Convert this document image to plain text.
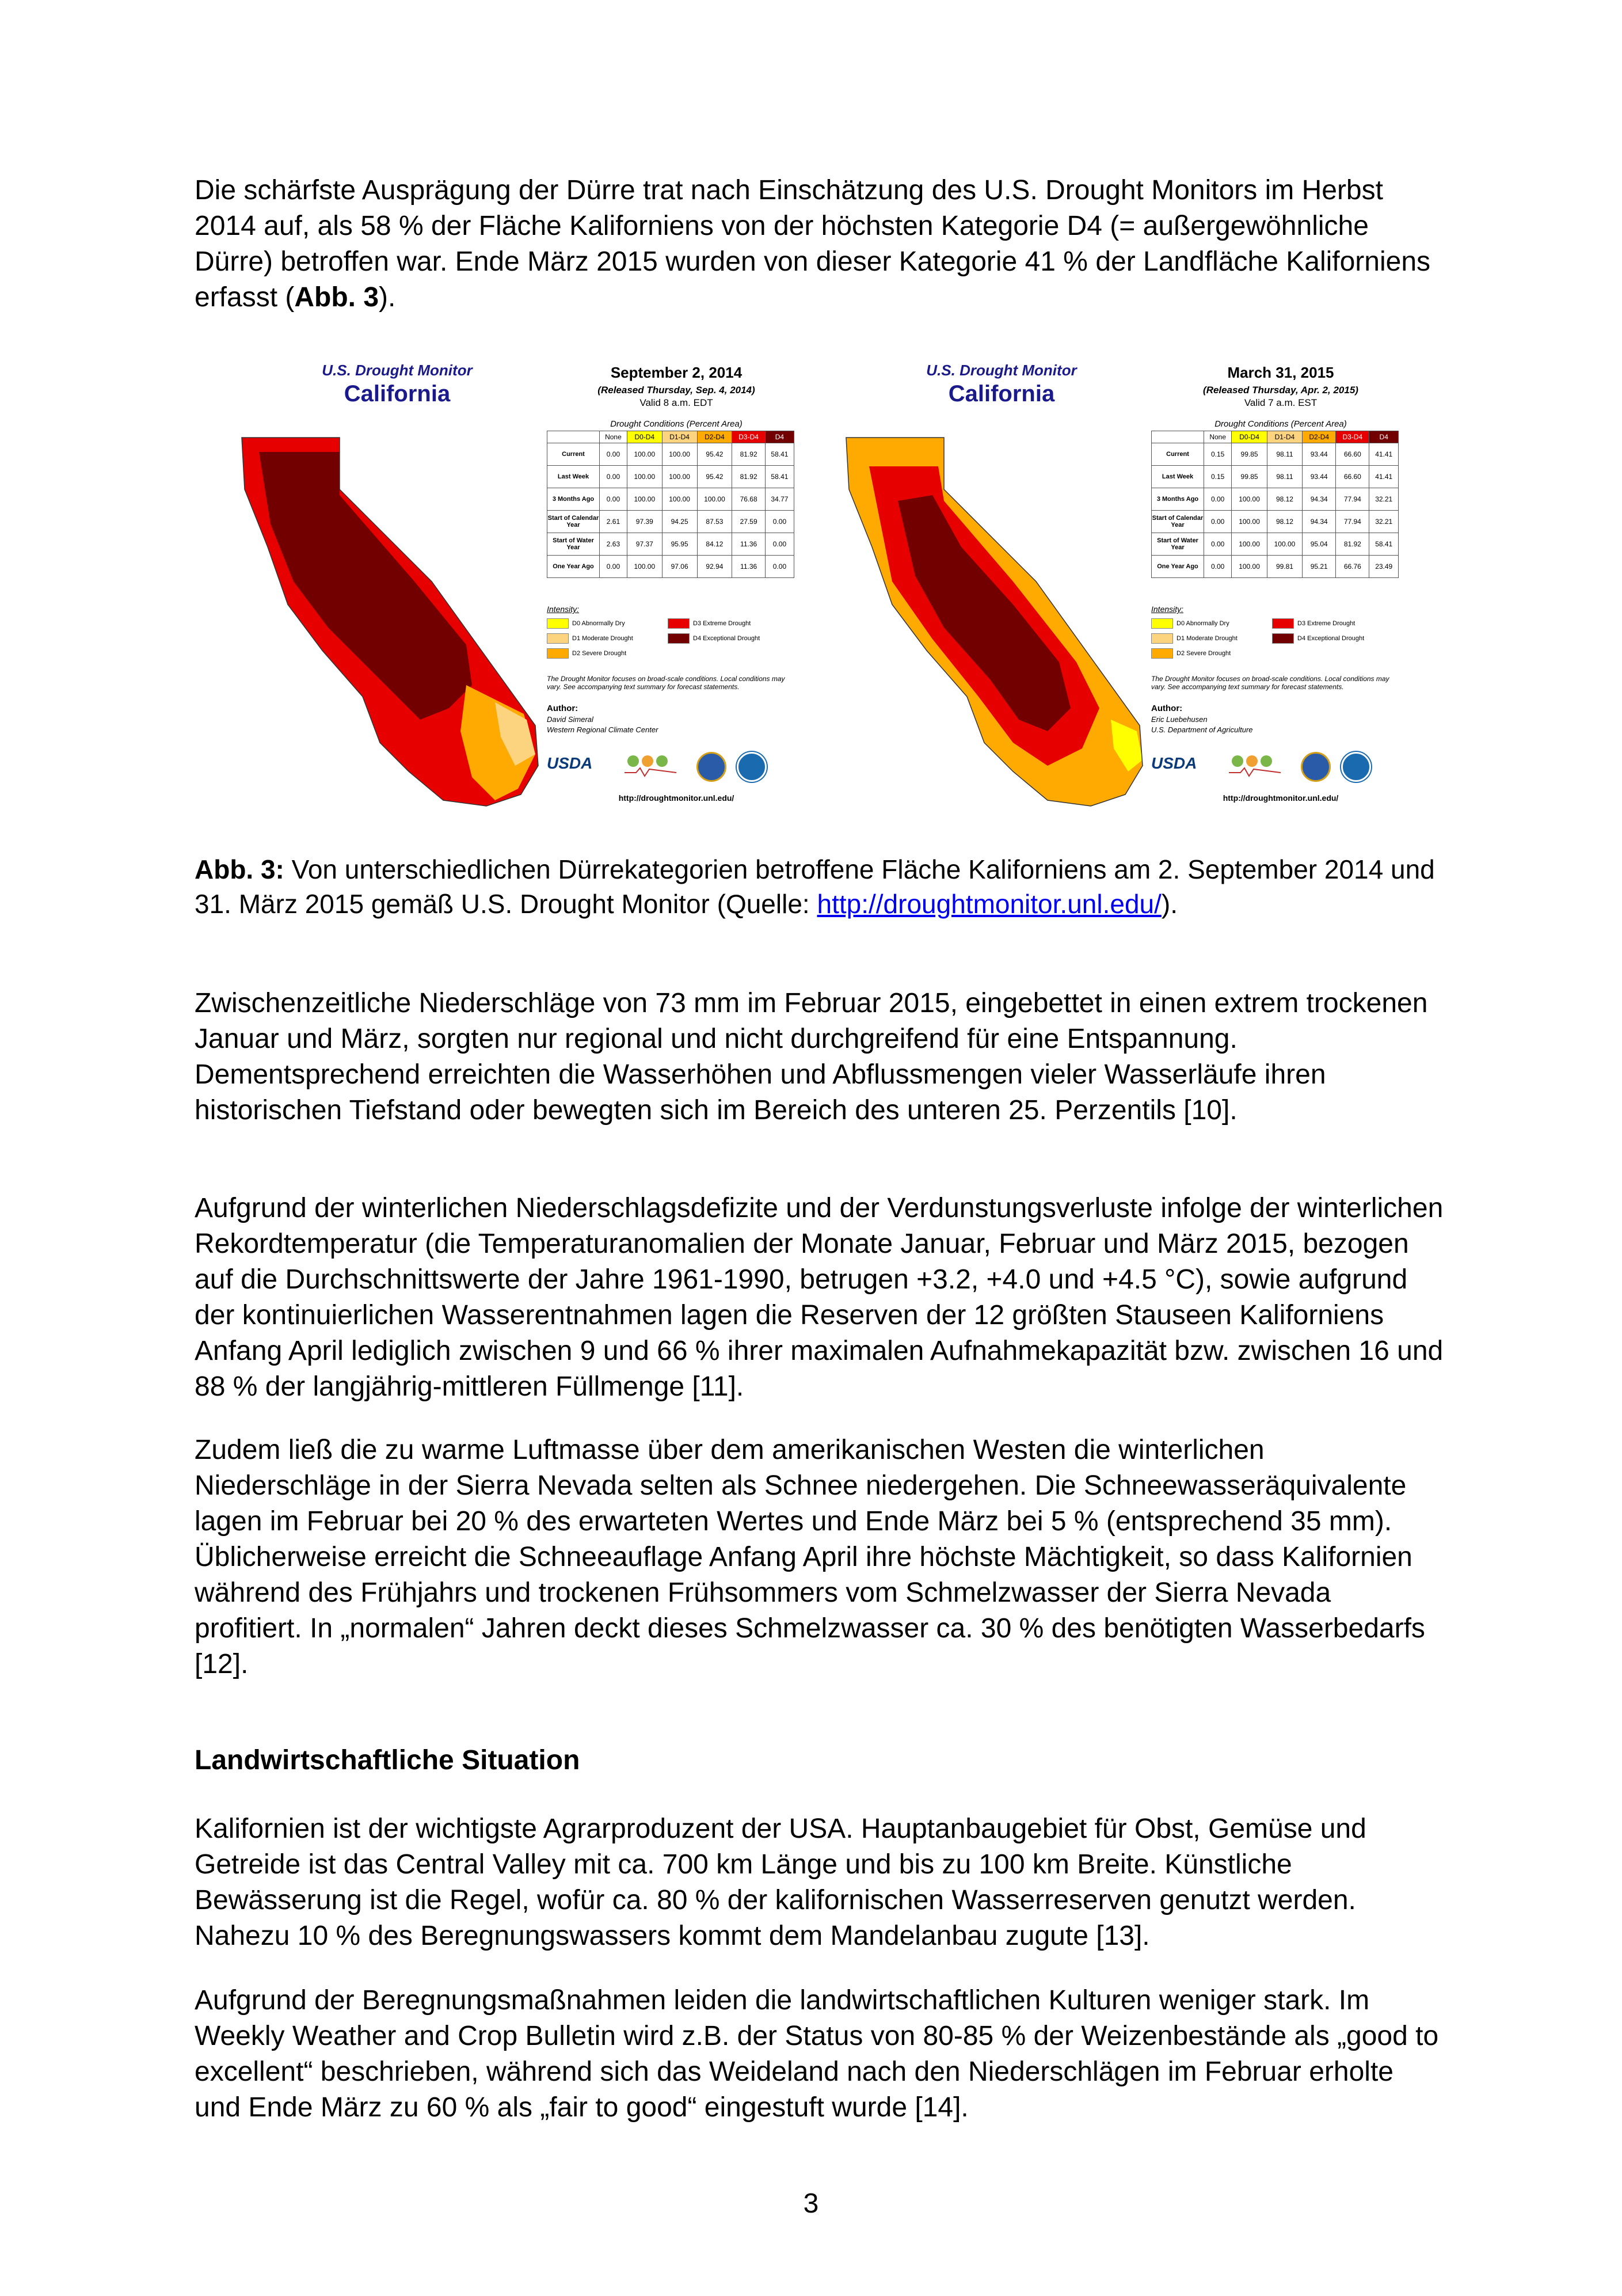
Die schärfste Ausprägung der Dürre trat nach Einschätzung des U.S. Drought Monitors im Herbst 2014 auf, als 58 % der Fläche Kaliforniens von der höchsten Kategorie D4 (= außergewöhnliche Dürre) betroffen war. Ende März 2015 wurden von dieser Kategorie 41 % der Landfläche Kaliforniens erfasst (Abb. 3).

U.S. Drought Monitor
California
September 2, 2014
(Released Thursday, Sep. 4, 2014)
Valid 8 a.m. EDT
Drought Conditions (Percent Area)
	None	D0-D4	D1-D4	D2-D4	D3-D4	D4
Current	0.00	100.00	100.00	95.42	81.92	58.41
Last Week	0.00	100.00	100.00	95.42	81.92	58.41
3 Months Ago	0.00	100.00	100.00	100.00	76.68	34.77
Start of Calendar Year	2.61	97.39	94.25	87.53	27.59	0.00
Start of Water Year	2.63	97.37	95.95	84.12	11.36	0.00
One Year Ago	0.00	100.00	97.06	92.94	11.36	0.00
Intensity:
D0 Abnormally Dry
D1 Moderate Drought
D2 Severe Drought
D3 Extreme Drought
D4 Exceptional Drought
The Drought Monitor focuses on broad-scale conditions. Local conditions may vary. See accompanying text summary for forecast statements.
Author:
David Simeral
Western Regional Climate Center
USDA
http://droughtmonitor.unl.edu/
U.S. Drought Monitor
California
March 31, 2015
(Released Thursday, Apr. 2, 2015)
Valid 7 a.m. EST
Drought Conditions (Percent Area)
	None	D0-D4	D1-D4	D2-D4	D3-D4	D4
Current	0.15	99.85	98.11	93.44	66.60	41.41
Last Week	0.15	99.85	98.11	93.44	66.60	41.41
3 Months Ago	0.00	100.00	98.12	94.34	77.94	32.21
Start of Calendar Year	0.00	100.00	98.12	94.34	77.94	32.21
Start of Water Year	0.00	100.00	100.00	95.04	81.92	58.41
One Year Ago	0.00	100.00	99.81	95.21	66.76	23.49
Intensity:
D0 Abnormally Dry
D1 Moderate Drought
D2 Severe Drought
D3 Extreme Drought
D4 Exceptional Drought
The Drought Monitor focuses on broad-scale conditions. Local conditions may vary. See accompanying text summary for forecast statements.
Author:
Eric Luebehusen
U.S. Department of Agriculture
USDA
http://droughtmonitor.unl.edu/

Abb. 3: Von unterschiedlichen Dürrekategorien betroffene Fläche Kaliforniens am 2. September 2014 und 31. März 2015 gemäß U.S. Drought Monitor (Quelle: http://droughtmonitor.unl.edu/).

Zwischenzeitliche Niederschläge von 73 mm im Februar 2015, eingebettet in einen extrem trockenen Januar und März, sorgten nur regional und nicht durchgreifend für eine Entspannung. Dementsprechend erreichten die Wasserhöhen und Abflussmengen vieler Wasserläufe ihren historischen Tiefstand oder bewegten sich im Bereich des unteren 25. Perzentils [10].

Aufgrund der winterlichen Niederschlagsdefizite und der Verdunstungsverluste infolge der winterlichen Rekordtemperatur (die Temperaturanomalien der Monate Januar, Februar und März 2015, bezogen auf die Durchschnittswerte der Jahre 1961-1990, betrugen +3.2, +4.0 und +4.5 °C), sowie aufgrund der kontinuierlichen Wasserentnahmen lagen die Reserven der 12 größten Stauseen Kaliforniens Anfang April lediglich zwischen 9 und 66 % ihrer maximalen Aufnahmekapazität bzw. zwischen 16 und 88 % der langjährig-mittleren Füllmenge [11].

Zudem ließ die zu warme Luftmasse über dem amerikanischen Westen die winterlichen Niederschläge in der Sierra Nevada selten als Schnee niedergehen. Die Schneewasseräquivalente lagen im Februar bei 20 % des erwarteten Wertes und Ende März bei 5 % (entsprechend 35 mm). Üblicherweise erreicht die Schneeauflage Anfang April ihre höchste Mächtigkeit, so dass Kalifornien während des Frühjahrs und trockenen Frühsommers vom Schmelzwasser der Sierra Nevada profitiert. In „normalen“ Jahren deckt dieses Schmelzwasser ca. 30 % des benötigten Wasserbedarfs [12].

Landwirtschaftliche Situation

Kalifornien ist der wichtigste Agrarproduzent der USA. Hauptanbaugebiet für Obst, Gemüse und Getreide ist das Central Valley mit ca. 700 km Länge und bis zu 100 km Breite. Künstliche Bewässerung ist die Regel, wofür ca. 80 % der kalifornischen Wasserreserven genutzt werden. Nahezu 10 % des Beregnungswassers kommt dem Mandelanbau zugute [13].

Aufgrund der Beregnungsmaßnahmen leiden die landwirtschaftlichen Kulturen weniger stark. Im Weekly Weather and Crop Bulletin wird z.B. der Status von 80-85 % der Weizenbestände als „good to excellent“ beschrieben, während sich das Weideland nach den Niederschlägen im Februar erholte und Ende März zu 60 % als „fair to good“ eingestuft wurde [14].

3
